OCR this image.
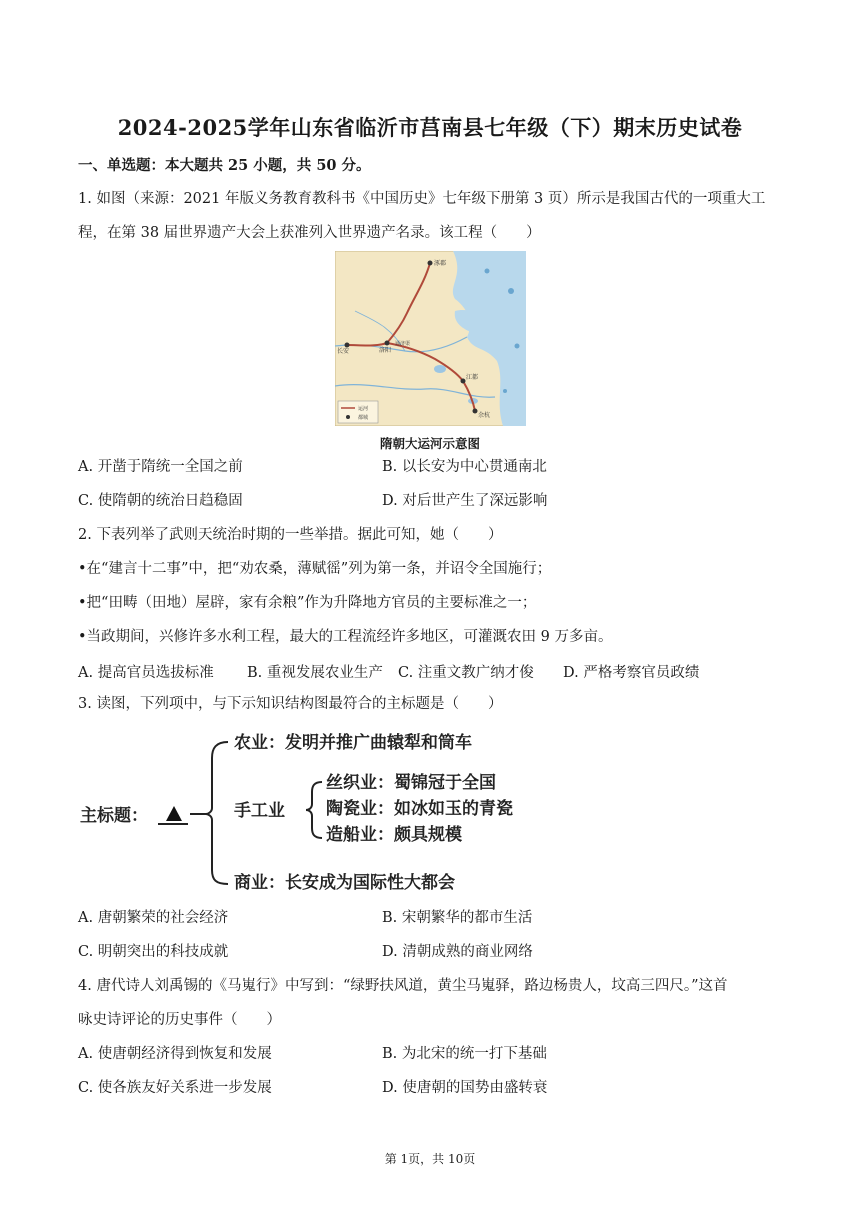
2024-2025学年山东省临沂市莒南县七年级（下）期末历史试卷
一、单选题：本大题共 25 小题，共 50 分。
1. 如图（来源：2021 年版义务教育教科书《中国历史》七年级下册第 3 页）所示是我国古代的一项重大工
程，在第 38 届世界遗产大会上获准列入世界遗产名录。该工程（　　）
涿郡
长安	洛阳
通济渠
江都
余杭
运河
都城
隋朝大运河示意图
A. 开凿于隋统一全国之前	B. 以长安为中心贯通南北
C. 使隋朝的统治日趋稳固	D. 对后世产生了深远影响
2. 下表列举了武则天统治时期的一些举措。据此可知，她（　　）
•在“建言十二事”中，把“劝农桑，薄赋徭”列为第一条，并诏令全国施行；
•把“田畴（田地）屋辟，家有余粮”作为升降地方官员的主要标准之一；
•当政期间，兴修许多水利工程，最大的工程流经许多地区，可灌溉农田 9 万多亩。
A. 提高官员选拔标准 B. 重视发展农业生产 C. 注重文教广纳才俊 D. 严格考察官员政绩
3. 读图，下列项中，与下示知识结构图最符合的主标题是（　　）
主标题：
农业：发明并推广曲辕犁和筒车
手工业
丝织业：蜀锦冠于全国
陶瓷业：如冰如玉的青瓷
造船业：颇具规模
商业：长安成为国际性大都会
A. 唐朝繁荣的社会经济	B. 宋朝繁华的都市生活
C. 明朝突出的科技成就	D. 清朝成熟的商业网络
4. 唐代诗人刘禹锡的《马嵬行》中写到：“绿野扶风道，黄尘马嵬驿，路边杨贵人，坟高三四尺。”这首
咏史诗评论的历史事件（　　）
A. 使唐朝经济得到恢复和发展	B. 为北宋的统一打下基础
C. 使各族友好关系进一步发展	D. 使唐朝的国势由盛转衰
第 1页，共 10页
